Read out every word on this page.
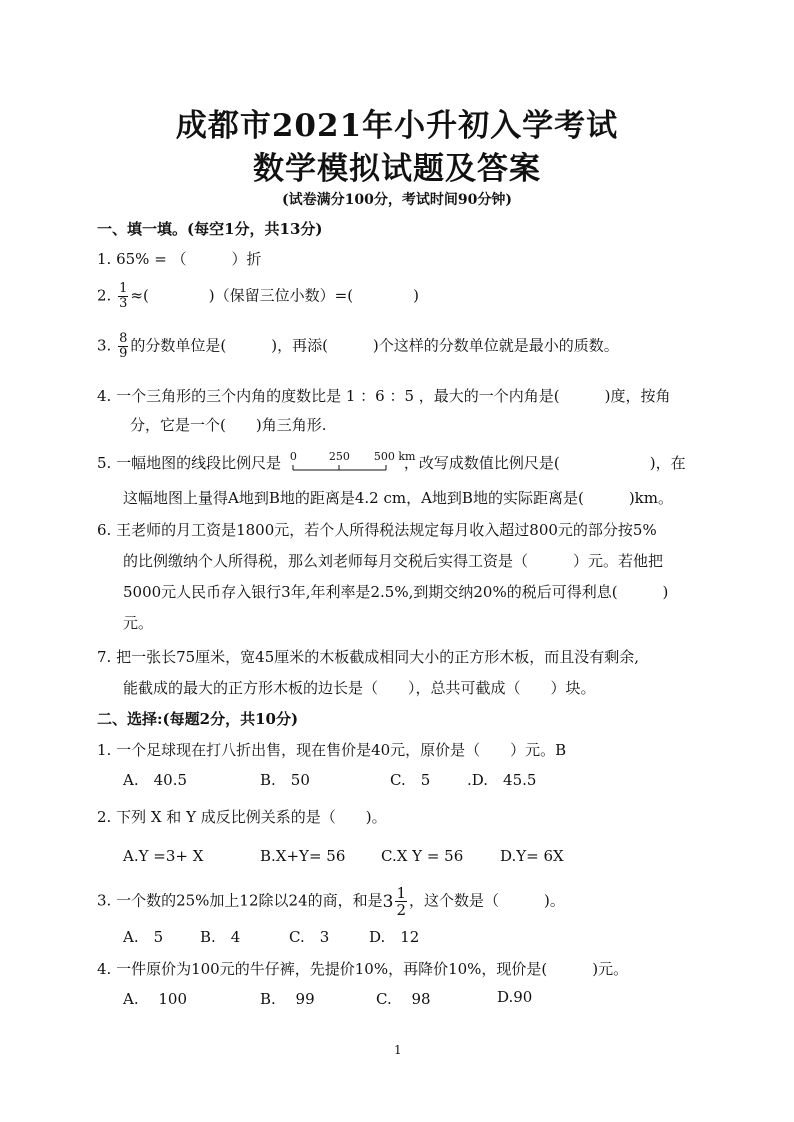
成都市2021年小升初入学考试
数学模拟试题及答案
(试卷满分100分，考试时间90分钟)
一、填一填。(每空1分，共13分)
1. 65% = （　　　）折
2. $\frac{1}{3}$ ≈(　　　　)（保留三位小数）=(　　　　)
3. $\frac{8}{9}$ 的分数单位是(　　　)，再添(　　　)个这样的分数单位就是最小的质数。
4. 一个三角形的三个内角的度数比是 1 ：6 ：5 ，最大的一个内角是(　　　)度，按角
分，它是一个(　　)角三角形.
5. 一幅地图的线段比例尺是 0	250 500 km
，改写成数值比例尺是(　　　　　　)，在
这幅地图上量得A地到B地的距离是4.2 cm，A地到B地的实际距离是(　　　)km。
6. 王老师的月工资是1800元，若个人所得税法规定每月收入超过800元的部分按5%
的比例缴纳个人所得税，那么刘老师每月交税后实得工资是（　　　）元。若他把
5000元人民币存入银行3年,年利率是2.5%,到期交纳20%的税后可得利息(　　　)
元。
7. 把一张长75厘米，宽45厘米的木板截成相同大小的正方形木板，而且没有剩余,
能截成的最大的正方形木板的边长是（　　），总共可截成（　　）块。
二、选择:(每题2分，共10分)
1. 一个足球现在打八折出售，现在售价是40元，原价是（　　）元。B
A.　40.5	B.　50	C.　5 .D.　45.5
2. 下列 X 和 Y 成反比例关系的是（　　)。
A.Y =3+ X	B.X+Y= 56 C.X Y = 56 D.Y= 6X
3. 一个数的25%加上12除以24的商，和是$3 \frac{1}{2}$ ，这个数是（　　　)。
A.　5 B.　4	C.　3	D.　12
4. 一件原价为100元的牛仔裤，先提价10%，再降价10%，现价是(　　　)元。
A.　 100	B.　 99	C.　 98	D.90
1
